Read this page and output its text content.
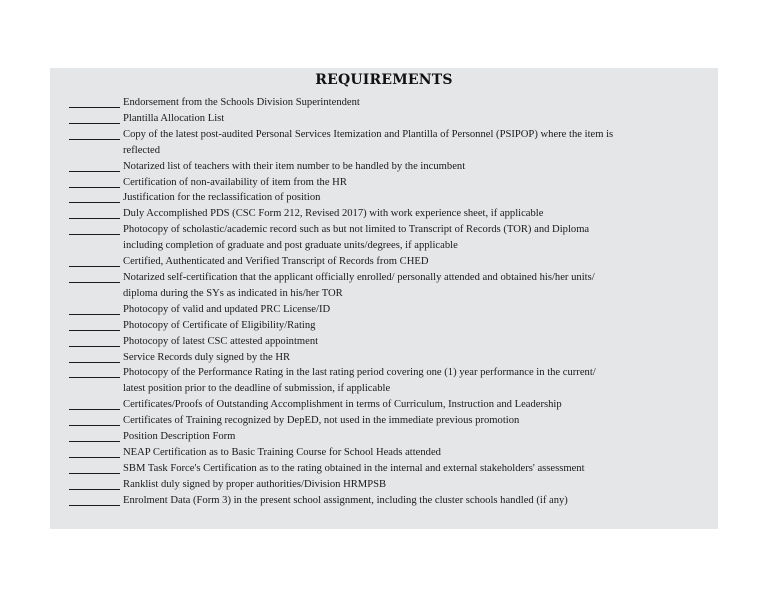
REQUIREMENTS
Endorsement from the Schools Division Superintendent
Plantilla Allocation List
Copy of the latest post-audited Personal Services Itemization and Plantilla of Personnel (PSIPOP) where the item is
reflected
Notarized list of teachers with their item number to be handled by the incumbent
Certification of non-availability of item from the HR
Justification for the reclassification of position
Duly Accomplished PDS (CSC Form 212, Revised 2017) with work experience sheet, if applicable
Photocopy of scholastic/academic record such as but not limited to Transcript of Records (TOR) and Diploma
including completion of graduate and post graduate units/degrees, if applicable
Certified, Authenticated and Verified Transcript of Records from CHED
Notarized self-certification that the applicant officially enrolled/ personally attended and obtained his/her units/
diploma during the SYs as indicated in his/her TOR
Photocopy of valid and updated PRC License/ID
Photocopy of Certificate of Eligibility/Rating
Photocopy of latest CSC attested appointment
Service Records duly signed by the HR
Photocopy of the Performance Rating in the last rating period covering one (1) year performance in the current/
latest position prior to the deadline of submission, if applicable
Certificates/Proofs of Outstanding Accomplishment in terms of Curriculum, Instruction and Leadership
Certificates of Training recognized by DepED, not used in the immediate previous promotion
Position Description Form
NEAP Certification as to Basic Training Course for School Heads attended
SBM Task Force's Certification as to the rating obtained in the internal and external stakeholders' assessment
Ranklist duly signed by proper authorities/Division HRMPSB
Enrolment Data (Form 3) in the present school assignment, including the cluster schools handled (if any)
